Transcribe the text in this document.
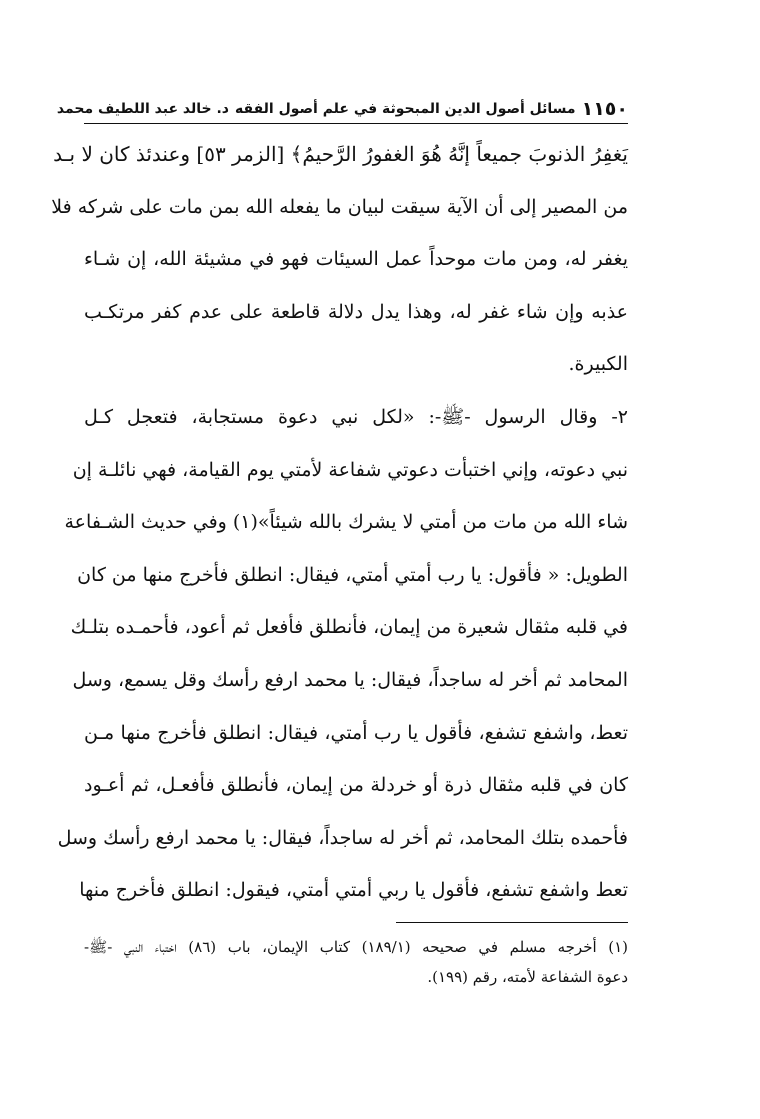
١١٥٠
مسائل أصول الدين المبحوثة في علم أصول الفقه
د. خالد عبد اللطيف محمد
يَغفِرُ الذنوبَ جميعاً إنَّهُ هُوَ الغفورُ الرَّحيمُ﴾ [الزمر ٥٣] وعندئذ كان لا بـد
من المصير إلى أن الآية سيقت لبيان ما يفعله الله بمن مات على شركه فلا
يغفر له، ومن مات موحداً عمل السيئات فهو في مشيئة الله، إن شـاء
عذبه وإن شاء غفر له، وهذا يدل دلالة قاطعة على عدم كفر مرتكـب
الكبيرة.
٢- وقال الرسول -ﷺ-: «لكل نبي دعوة مستجابة، فتعجل كـل
نبي دعوته، وإني اختبأت دعوتي شفاعة لأمتي يوم القيامة، فهي نائلـة إن
شاء الله من مات من أمتي لا يشرك بالله شيئاً»(١) وفي حديث الشـفاعة
الطويل: « فأقول: يا رب أمتي أمتي، فيقال: انطلق فأخرج منها من كان
في قلبه مثقال شعيرة من إيمان، فأنطلق فأفعل ثم أعود، فأحمـده بتلـك
المحامد ثم أخر له ساجداً، فيقال: يا محمد ارفع رأسك وقل يسمع، وسل
تعط، واشفع تشفع، فأقول يا رب أمتي، فيقال: انطلق فأخرج منها مـن
كان في قلبه مثقال ذرة أو خردلة من إيمان، فأنطلق فأفعـل، ثم أعـود
فأحمده بتلك المحامد، ثم أخر له ساجداً، فيقال: يا محمد ارفع رأسك وسل
تعط واشفع تشفع، فأقول يا ربي أمتي أمتي، فيقول: انطلق فأخرج منها
(١) أخرجه مسلم في صحيحه (١٨٩/١) كتاب الإيمان، باب (٨٦) اختباء النبي -ﷺ-
دعوة الشفاعة لأمته، رقم (١٩٩).
